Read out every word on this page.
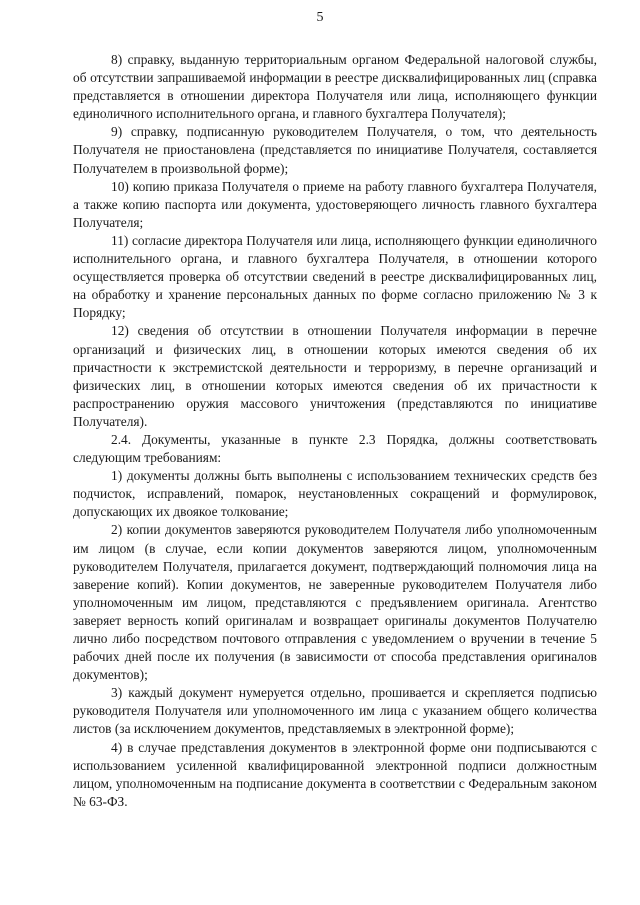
5

8) справку, выданную территориальным органом Федеральной налоговой службы, об отсутствии запрашиваемой информации в реестре дисквалифицированных лиц (справка представляется в отношении директора Получателя или лица, исполняющего функции единоличного исполнительного органа, и главного бухгалтера Получателя);

9) справку, подписанную руководителем Получателя, о том, что деятельность Получателя не приостановлена (представляется по инициативе Получателя, составляется Получателем в произвольной форме);

10) копию приказа Получателя о приеме на работу главного бухгалтера Получателя, а также копию паспорта или документа, удостоверяющего личность главного бухгалтера Получателя;

11) согласие директора Получателя или лица, исполняющего функции единоличного исполнительного органа, и главного бухгалтера Получателя, в отношении которого осуществляется проверка об отсутствии сведений в реестре дисквалифицированных лиц, на обработку и хранение персональных данных по форме согласно приложению № 3 к Порядку;

12) сведения об отсутствии в отношении Получателя информации в перечне организаций и физических лиц, в отношении которых имеются сведения об их причастности к экстремистской деятельности и терроризму, в перечне организаций и физических лиц, в отношении которых имеются сведения об их причастности к распространению оружия массового уничтожения (представляются по инициативе Получателя).

2.4. Документы, указанные в пункте 2.3 Порядка, должны соответствовать следующим требованиям:

1) документы должны быть выполнены с использованием технических средств без подчисток, исправлений, помарок, неустановленных сокращений и формулировок, допускающих их двоякое толкование;

2) копии документов заверяются руководителем Получателя либо уполномоченным им лицом (в случае, если копии документов заверяются лицом, уполномоченным руководителем Получателя, прилагается документ, подтверждающий полномочия лица на заверение копий). Копии документов, не заверенные руководителем Получателя либо уполномоченным им лицом, представляются с предъявлением оригинала. Агентство заверяет верность копий оригиналам и возвращает оригиналы документов Получателю лично либо посредством почтового отправления с уведомлением о вручении в течение 5 рабочих дней после их получения (в зависимости от способа представления оригиналов документов);

3) каждый документ нумеруется отдельно, прошивается и скрепляется подписью руководителя Получателя или уполномоченного им лица с указанием общего количества листов (за исключением документов, представляемых в электронной форме);

4) в случае представления документов в электронной форме они подписываются с использованием усиленной квалифицированной электронной подписи должностным лицом, уполномоченным на подписание документа в соответствии с Федеральным законом № 63-ФЗ.
